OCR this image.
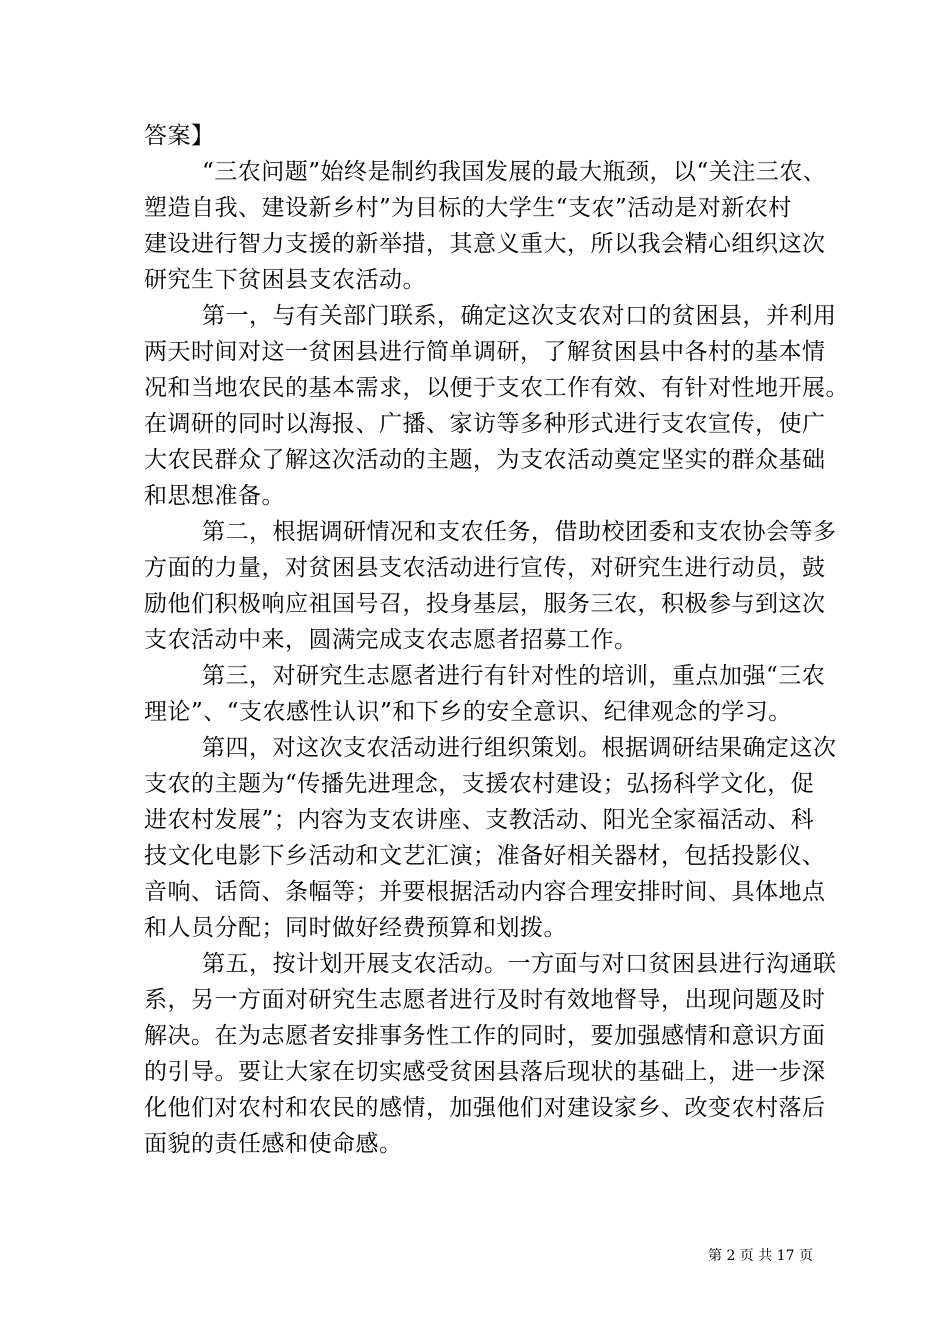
答案】

“三农问题”始终是制约我国发展的最大瓶颈，以“关注三农、

塑造自我、建设新乡村”为目标的大学生“支农”活动是对新农村

建设进行智力支援的新举措，其意义重大，所以我会精心组织这次

研究生下贫困县支农活动。

第一，与有关部门联系，确定这次支农对口的贫困县，并利用

两天时间对这一贫困县进行简单调研，了解贫困县中各村的基本情

况和当地农民的基本需求，以便于支农工作有效、有针对性地开展。

在调研的同时以海报、广播、家访等多种形式进行支农宣传，使广

大农民群众了解这次活动的主题，为支农活动奠定坚实的群众基础

和思想准备。

第二，根据调研情况和支农任务，借助校团委和支农协会等多

方面的力量，对贫困县支农活动进行宣传，对研究生进行动员，鼓

励他们积极响应祖国号召，投身基层，服务三农，积极参与到这次

支农活动中来，圆满完成支农志愿者招募工作。

第三，对研究生志愿者进行有针对性的培训，重点加强“三农

理论”、“支农感性认识”和下乡的安全意识、纪律观念的学习。

第四，对这次支农活动进行组织策划。根据调研结果确定这次

支农的主题为“传播先进理念，支援农村建设；弘扬科学文化，促

进农村发展”；内容为支农讲座、支教活动、阳光全家福活动、科

技文化电影下乡活动和文艺汇演；准备好相关器材，包括投影仪、

音响、话筒、条幅等；并要根据活动内容合理安排时间、具体地点

和人员分配；同时做好经费预算和划拨。

第五，按计划开展支农活动。一方面与对口贫困县进行沟通联

系，另一方面对研究生志愿者进行及时有效地督导，出现问题及时

解决。在为志愿者安排事务性工作的同时，要加强感情和意识方面

的引导。要让大家在切实感受贫困县落后现状的基础上，进一步深

化他们对农村和农民的感情，加强他们对建设家乡、改变农村落后

面貌的责任感和使命感。

第 2 页 共 17 页
